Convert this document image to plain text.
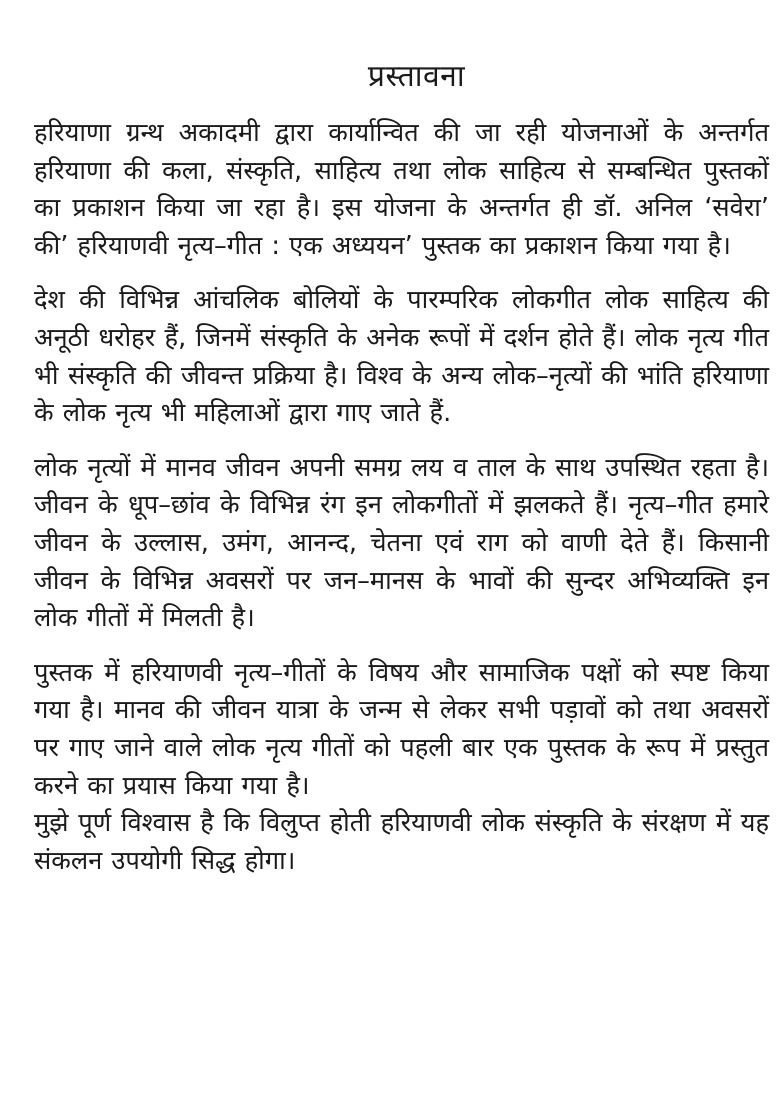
प्रस्तावना

हरियाणा ग्रन्थ अकादमी द्वारा कार्यान्वित की जा रही योजनाओं के अन्तर्गत हरियाणा की कला, संस्कृति, साहित्य तथा लोक साहित्य से सम्बन्धित पुस्तकों का प्रकाशन किया जा रहा है। इस योजना के अन्तर्गत ही डॉ. अनिल ‘सवेरा’ की’ हरियाणवी नृत्य–गीत : एक अध्ययन’ पुस्तक का प्रकाशन किया गया है।

देश की विभिन्न आंचलिक बोलियों के पारम्परिक लोकगीत लोक साहित्य की अनूठी धरोहर हैं, जिनमें संस्कृति के अनेक रूपों में दर्शन होते हैं। लोक नृत्य गीत भी संस्कृति की जीवन्त प्रक्रिया है। विश्व के अन्य लोक–नृत्यों की भांति हरियाणा के लोक नृत्य भी महिलाओं द्वारा गाए जाते हैं.

लोक नृत्यों में मानव जीवन अपनी समग्र लय व ताल के साथ उपस्थित रहता है। जीवन के धूप–छांव के विभिन्न रंग इन लोकगीतों में झलकते हैं। नृत्य–गीत हमारे जीवन के उल्लास, उमंग, आनन्द, चेतना एवं राग को वाणी देते हैं। किसानी जीवन के विभिन्न अवसरों पर जन–मानस के भावों की सुन्दर अभिव्यक्ति इन लोक गीतों में मिलती है।

पुस्तक में हरियाणवी नृत्य–गीतों के विषय और सामाजिक पक्षों को स्पष्ट किया गया है। मानव की जीवन यात्रा के जन्म से लेकर सभी पड़ावों को तथा अवसरों पर गाए जाने वाले लोक नृत्य गीतों को पहली बार एक पुस्तक के रूप में प्रस्तुत करने का प्रयास किया गया है।

मुझे पूर्ण विश्वास है कि विलुप्त होती हरियाणवी लोक संस्कृति के संरक्षण में यह संकलन उपयोगी सिद्ध होगा।
